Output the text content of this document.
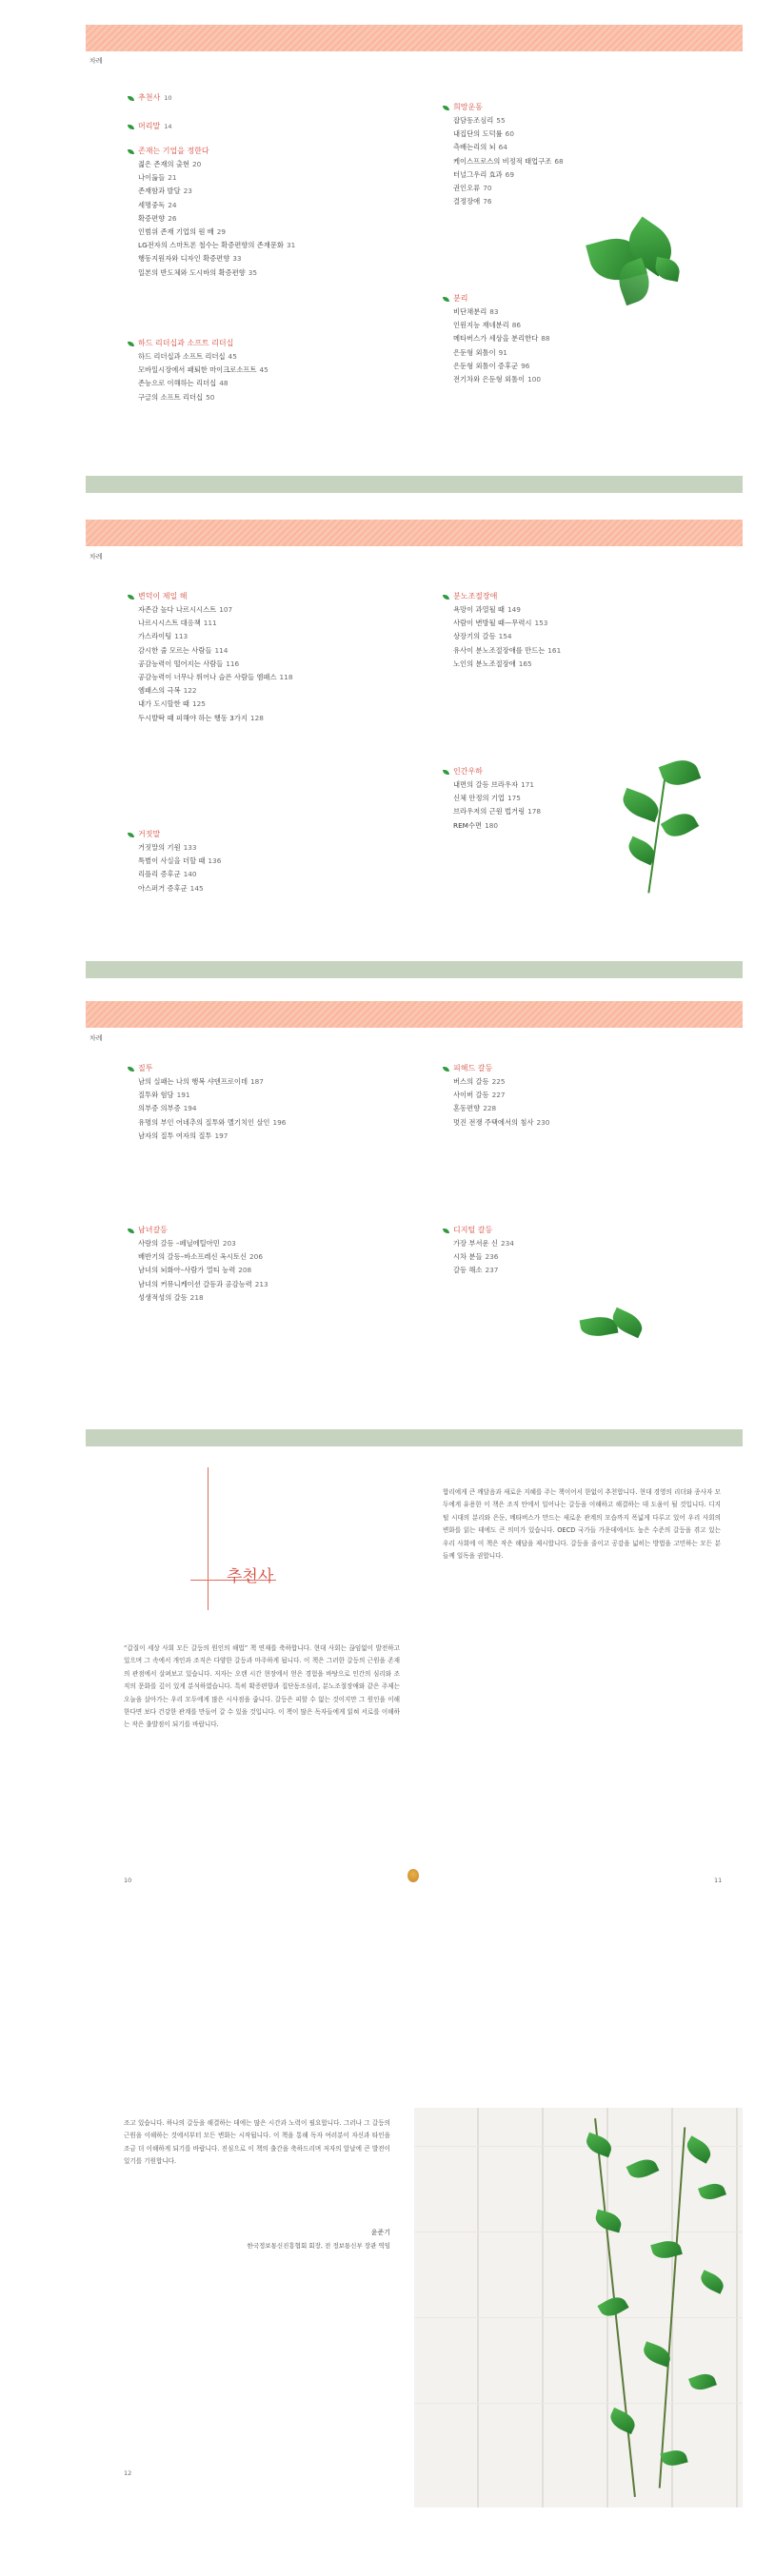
차례
추천사 10
머리말 14
존재는 기업을 정한다
젊은 존재의 출현 20
나이듦들 21
존재함과 발달 23
세명중독 24
확증편향 26
인범위 존재 기업의 원 배 29
LG전자의 스마트폰 철수는 확증편향의 존재문화 31
행동지원자와 디자인 확증편향 33
일본의 반도체와 도시바의 확증편향 35
하드 리더십과 소프트 리더십
하드 리더십과 소프트 리더십 45
모바일시장에서 패퇴한 마이크로소프트 45
존능으로 이해하는 리더십 48
구글의 소프트 리더십 50
희망운동
잡담동조심리 55
내집단의 도덕률 60
측배는리의 뇌 64
케이스프로스의 비정적 태업구조 68
터널그우리 효과 69
권인오류 70
결정장애 76
분리
비단채분리 83
인원지능 재네분리 86
메타버스가 세상을 분리한다 88
은둔형 외톨이 91
은둔형 외톨이 증후군 96
전기차와 은둔형 외톨이 100
차례
변덕이 제일 해
자존감 높다 나르시시스트 107
나르시시스트 대응책 111
가스라이팅 113
감시한 줄 모르는 사람들 114
공감능력이 떨어지는 사람들 116
공감능력이 너무나 뛰어나 슬픈 사람들 엠패스 118
엠패스의 극복 122
내가 도시할한 때 125
두시발딱 때 피해야 하는 행동 3가지 128
거짓말
거짓말의 기원 133
특별이 사실을 더할 때 136
리플리 증후군 140
아스퍼거 증후군 145
분노조절장애
욕망이 과열될 때 149
사람이 변방될 때—무력시 153
상장기의 갈등 154
유사이 분노조절장애를 만드는 161
노인의 분노조절장애 165
인간우하
내면의 갈등 브라우자 171
신체 안정의 기업 175
브라우저의 근원 법거링 178
REM수면 180
차례
질투
남의 실패는 나의 행복 샤덴프로이데 187
질투와 험담 191
의부증 의부증 194
유명의 부인 어네추의 질투와 멜기치인 살인 196
남자의 질투 여자의 질투 197
남녀갈등
사랑의 갈등 –페닐에틸아민 203
배반기의 갈등–바소프레신 옥시토신 206
남녀의 뇌화아–사람가 멀티 능력 208
남녀의 커뮤니케이션 갈등과 공감능력 213
성생적성의 갈등 218
피해드 갈등
버스의 갈등 225
사이버 갈등 227
혼동편향 228
멋진 전쟁 주택에서의 침사 230
디지털 갈등
가장 부서운 신 234
시차 분들 236
갈등 해소 237
추천사
“갑질이 세상 사회 모든 갈등의 원인의 해법” 책 연재를 축하합니다. 현대 사회는 끊임없이 발전하고 있으며 그 속에서 개인과 조직은 다양한 갈등과 마주하게 됩니다. 이 책은 그러한 갈등의 근원을 존재의 관점에서 살펴보고 있습니다. 저자는 오랜 시간 현장에서 얻은 경험을 바탕으로 인간의 심리와 조직의 문화를 깊이 있게 분석하였습니다. 특히 확증편향과 집단동조심리, 분노조절장애와 같은 주제는 오늘을 살아가는 우리 모두에게 많은 시사점을 줍니다. 갈등은 피할 수 없는 것이지만 그 원인을 이해한다면 보다 건강한 관계를 만들어 갈 수 있을 것입니다. 이 책이 많은 독자들에게 읽혀 서로를 이해하는 작은 출발점이 되기를 바랍니다.
합리에게 큰 깨달음과 새로운 지혜를 주는 책이어서 한없이 추천합니다. 현대 경영의 리더와 종사자 모두에게 유용한 이 책은 조직 안에서 일어나는 갈등을 이해하고 해결하는 데 도움이 될 것입니다. 디지털 시대의 분리와 은둔, 메타버스가 만드는 새로운 관계의 모습까지 폭넓게 다루고 있어 우리 사회의 변화를 읽는 데에도 큰 의미가 있습니다. OECD 국가들 가운데에서도 높은 수준의 갈등을 겪고 있는 우리 사회에 이 책은 작은 해답을 제시합니다. 갈등을 줄이고 공감을 넓히는 방법을 고민하는 모든 분들께 일독을 권합니다.
10	11
조고 있습니다. 하나의 갈등을 해결하는 데에는 많은 시간과 노력이 필요합니다. 그러나 그 갈등의 근원을 이해하는 것에서부터 모든 변화는 시작됩니다. 이 책을 통해 독자 여러분이 자신과 타인을 조금 더 이해하게 되기를 바랍니다. 진심으로 이 책의 출간을 축하드리며 저자의 앞날에 큰 발전이 있기를 기원합니다.
윤준기
한국정보통신진흥협회 회장, 전 정보통신부 장관 역임
12
